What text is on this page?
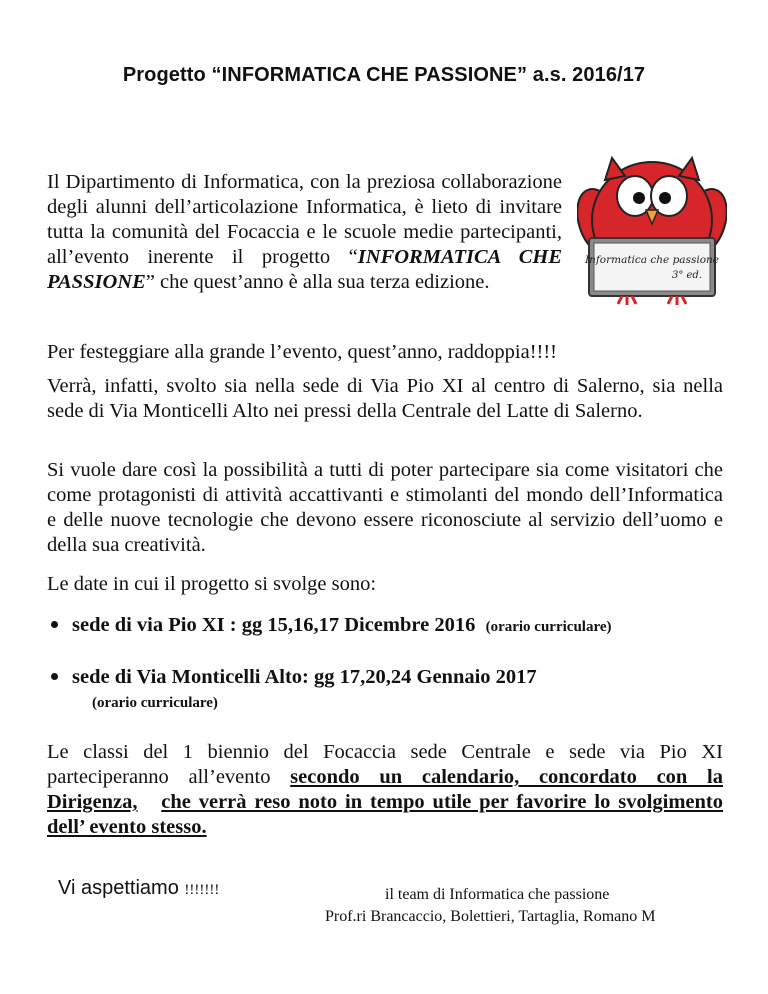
Progetto “INFORMATICA CHE PASSIONE” a.s. 2016/17

Il Dipartimento di Informatica, con la preziosa collaborazione degli alunni dell’articolazione Informatica, è lieto di invitare tutta la comunità del Focaccia e le scuole medie partecipanti, all’evento inerente il progetto “INFORMATICA CHE PASSIONE” che quest’anno è alla sua terza edizione.

Informatica che passione
3° ed.

Per festeggiare alla grande l’evento, quest’anno, raddoppia!!!!

Verrà, infatti, svolto sia nella sede di Via Pio XI al centro di Salerno, sia nella sede di Via Monticelli Alto nei pressi della Centrale del Latte di Salerno.

Si vuole dare così la possibilità a tutti di poter partecipare sia come visitatori che come protagonisti di attività accattivanti e stimolanti del mondo dell’Informatica e delle nuove tecnologie che devono essere riconosciute al servizio dell’uomo e della sua creatività.

Le date in cui il progetto si svolge sono:

sede di via Pio XI : gg 15,16,17 Dicembre 2016 (orario curriculare)
sede di Via Monticelli Alto: gg 17,20,24 Gennaio 2017
(orario curriculare)

Le classi del 1 biennio del Focaccia sede Centrale e sede via Pio XI parteciperanno all’evento secondo un calendario, concordato con la Dirigenza, che verrà reso noto in tempo utile per favorire lo svolgimento dell’ evento stesso.

Vi aspettiamo !!!!!!!	il team di Informatica che passione
Prof.ri Brancaccio, Bolettieri, Tartaglia, Romano M
